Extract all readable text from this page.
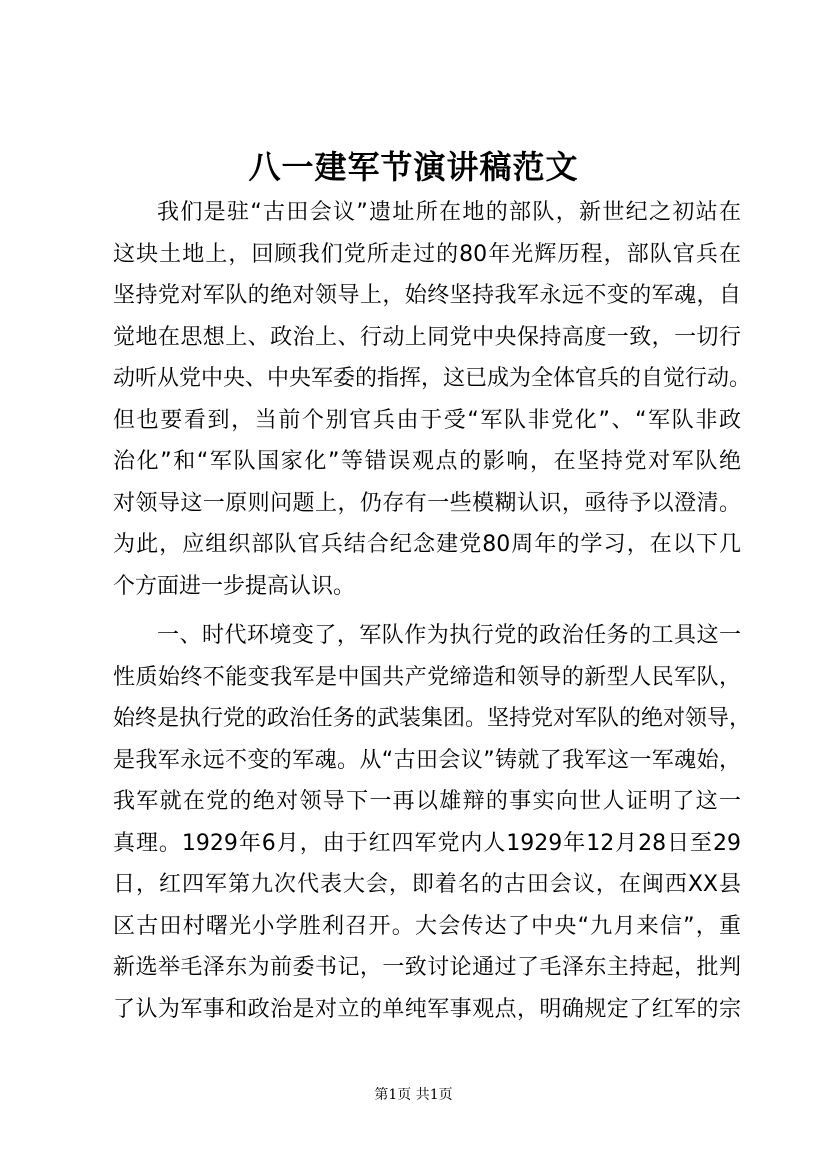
八一建军节演讲稿范文
我们是驻“古田会议”遗址所在地的部队，新世纪之初站在
这块土地上，回顾我们党所走过的80年光辉历程，部队官兵在
坚持党对军队的绝对领导上，始终坚持我军永远不变的军魂，自
觉地在思想上、政治上、行动上同党中央保持高度一致，一切行
动听从党中央、中央军委的指挥，这已成为全体官兵的自觉行动。
但也要看到，当前个别官兵由于受“军队非党化”、“军队非政
治化”和“军队国家化”等错误观点的影响，在坚持党对军队绝
对领导这一原则问题上，仍存有一些模糊认识，亟待予以澄清。
为此，应组织部队官兵结合纪念建党80周年的学习，在以下几
个方面进一步提高认识。
一、时代环境变了，军队作为执行党的政治任务的工具这一
性质始终不能变我军是中国共产党缔造和领导的新型人民军队，
始终是执行党的政治任务的武装集团。坚持党对军队的绝对领导，
是我军永远不变的军魂。从“古田会议”铸就了我军这一军魂始，
我军就在党的绝对领导下一再以雄辩的事实向世人证明了这一
真理。1929年6月，由于红四军党内人1929年12月28日至29
日，红四军第九次代表大会，即着名的古田会议，在闽西XX县
区古田村曙光小学胜利召开。大会传达了中央“九月来信”，重
新选举毛泽东为前委书记，一致讨论通过了毛泽东主持起，批判
了认为军事和政治是对立的单纯军事观点，明确规定了红军的宗
第1页 共1页
